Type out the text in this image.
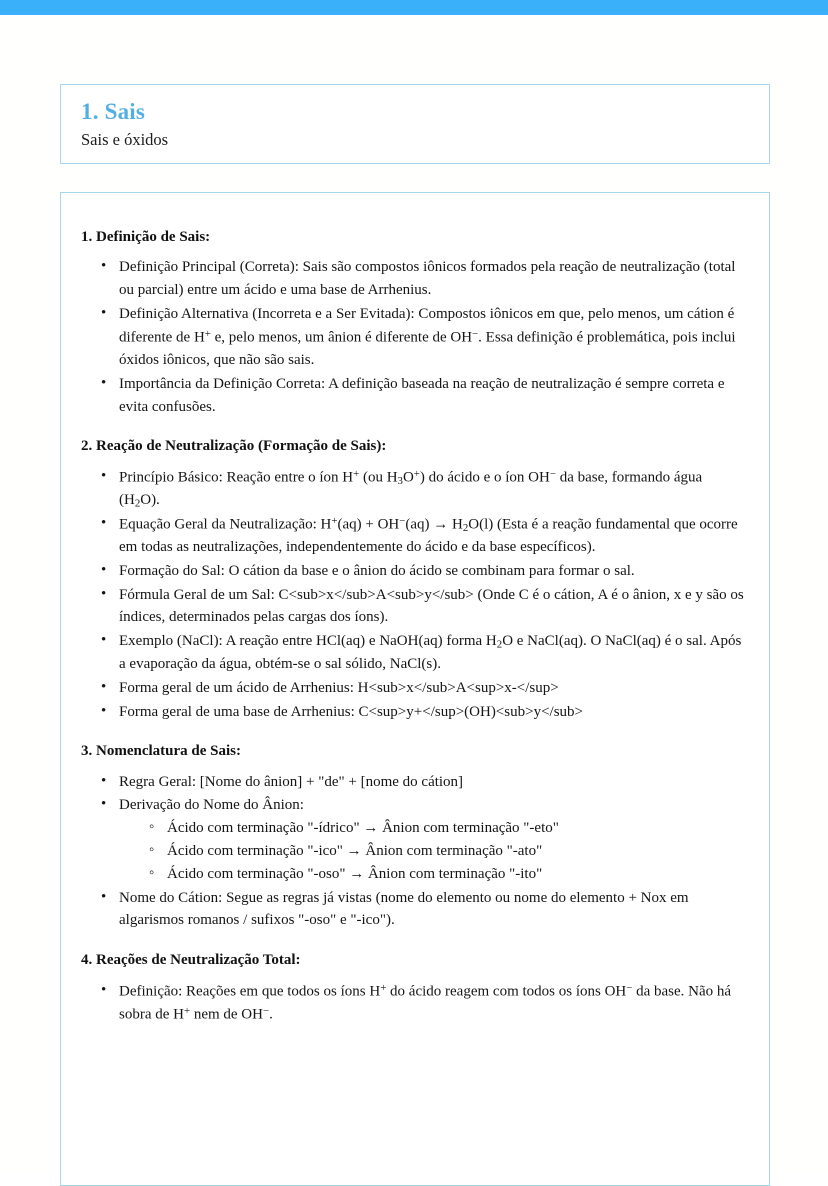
1. Sais
Sais e óxidos
1. Definição de Sais:
• Definição Principal (Correta): Sais são compostos iônicos formados pela reação de neutralização (total ou parcial) entre um ácido e uma base de Arrhenius.
• Definição Alternativa (Incorreta e a Ser Evitada): Compostos iônicos em que, pelo menos, um cátion é diferente de H+ e, pelo menos, um ânion é diferente de OH−. Essa definição é problemática, pois inclui óxidos iônicos, que não são sais.
• Importância da Definição Correta: A definição baseada na reação de neutralização é sempre correta e evita confusões.
2. Reação de Neutralização (Formação de Sais):
• Princípio Básico: Reação entre o íon H+ (ou $H_3O^+$) do ácido e o íon OH− da base, formando água $(H_2O)$.
• Equação Geral da Neutralização: $H^+(aq) + OH^-(aq) \to H_2O(l)$ (Esta é a reação fundamental que ocorre em todas as neutralizações, independentemente do ácido e da base específicos).
• Formação do Sal: O cátion da base e o ânion do ácido se combinam para formar o sal.
• Fórmula Geral de um Sal: C<sub>x</sub>A<sub>y</sub> (Onde C é o cátion, A é o ânion, x e y são os índices, determinados pelas cargas dos íons).
• Exemplo (NaCl): A reação entre HCl(aq) e NaOH(aq) forma $H_2O$ e NaCl(aq). O NaCl(aq) é o sal. Após a evaporação da água, obtém-se o sal sólido, NaCl(s).
• Forma geral de um ácido de Arrhenius: H<sub>x</sub>A<sup>x-</sup>
• Forma geral de uma base de Arrhenius: C<sup>y+</sup>(OH)<sub>y</sub>
3. Nomenclatura de Sais:
• Regra Geral: [Nome do ânion] + "de" + [nome do cátion]
• Derivação do Nome do Ânion:
◦ Ácido com terminação "-ídrico" → Ânion com terminação "-eto"
◦ Ácido com terminação "-ico" → Ânion com terminação "-ato"
◦ Ácido com terminação "-oso" → Ânion com terminação "-ito"
• Nome do Cátion: Segue as regras já vistas (nome do elemento ou nome do elemento + Nox em algarismos romanos / sufixos "-oso" e "-ico").
4. Reações de Neutralização Total:
• Definição: Reações em que todos os íons H+ do ácido reagem com todos os íons OH− da base. Não há sobra de H+ nem de OH−.
